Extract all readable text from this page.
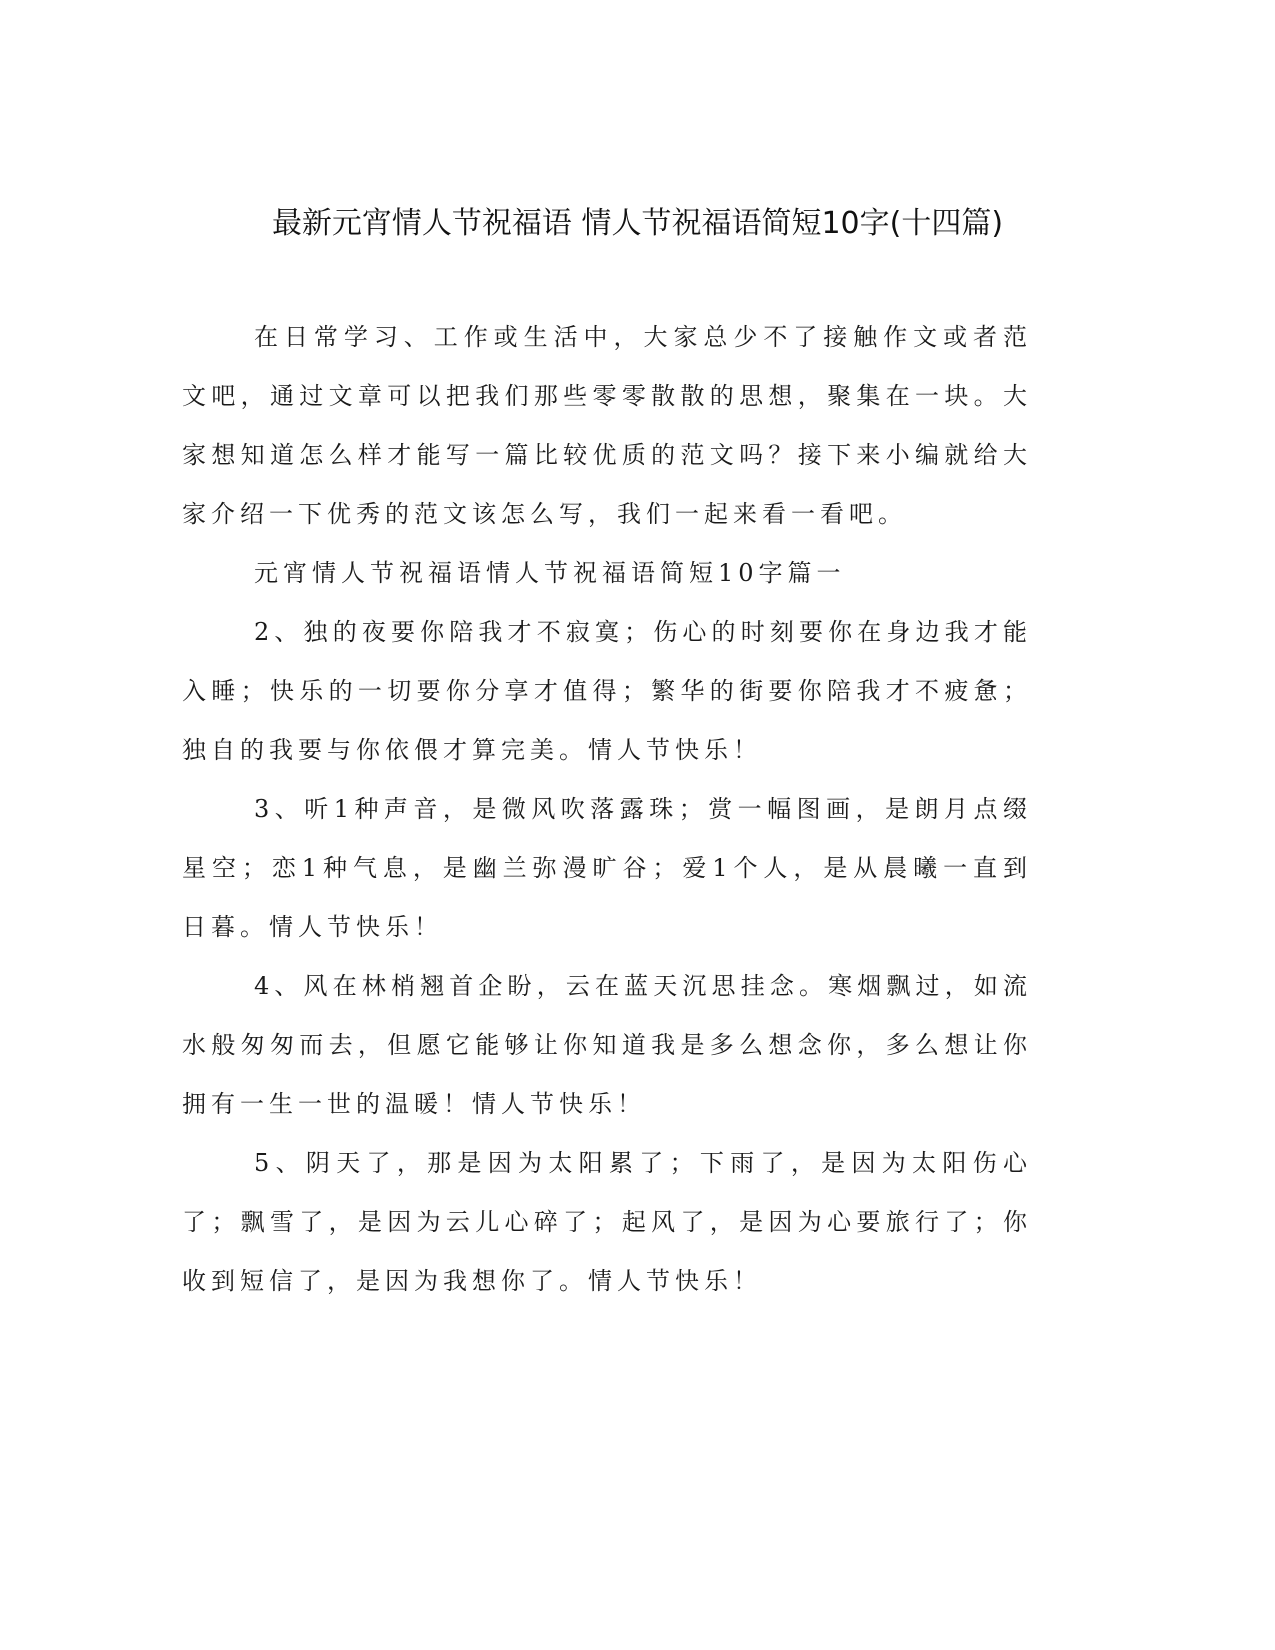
最新元宵情人节祝福语 情人节祝福语简短10字(十四篇)

在日常学习、工作或生活中，大家总少不了接触作文或者范文吧，通过文章可以把我们那些零零散散的思想，聚集在一块。大家想知道怎么样才能写一篇比较优质的范文吗？接下来小编就给大家介绍一下优秀的范文该怎么写，我们一起来看一看吧。

元宵情人节祝福语情人节祝福语简短10字篇一

2、独的夜要你陪我才不寂寞；伤心的时刻要你在身边我才能入睡；快乐的一切要你分享才值得；繁华的街要你陪我才不疲惫；独自的我要与你依偎才算完美。情人节快乐！

3、听1种声音，是微风吹落露珠；赏一幅图画，是朗月点缀星空；恋1种气息，是幽兰弥漫旷谷；爱1个人，是从晨曦一直到日暮。情人节快乐！

4、风在林梢翘首企盼，云在蓝天沉思挂念。寒烟飘过，如流水般匆匆而去，但愿它能够让你知道我是多么想念你，多么想让你拥有一生一世的温暖！情人节快乐！

5、阴天了，那是因为太阳累了；下雨了，是因为太阳伤心了；飘雪了，是因为云儿心碎了；起风了，是因为心要旅行了；你收到短信了，是因为我想你了。情人节快乐！
